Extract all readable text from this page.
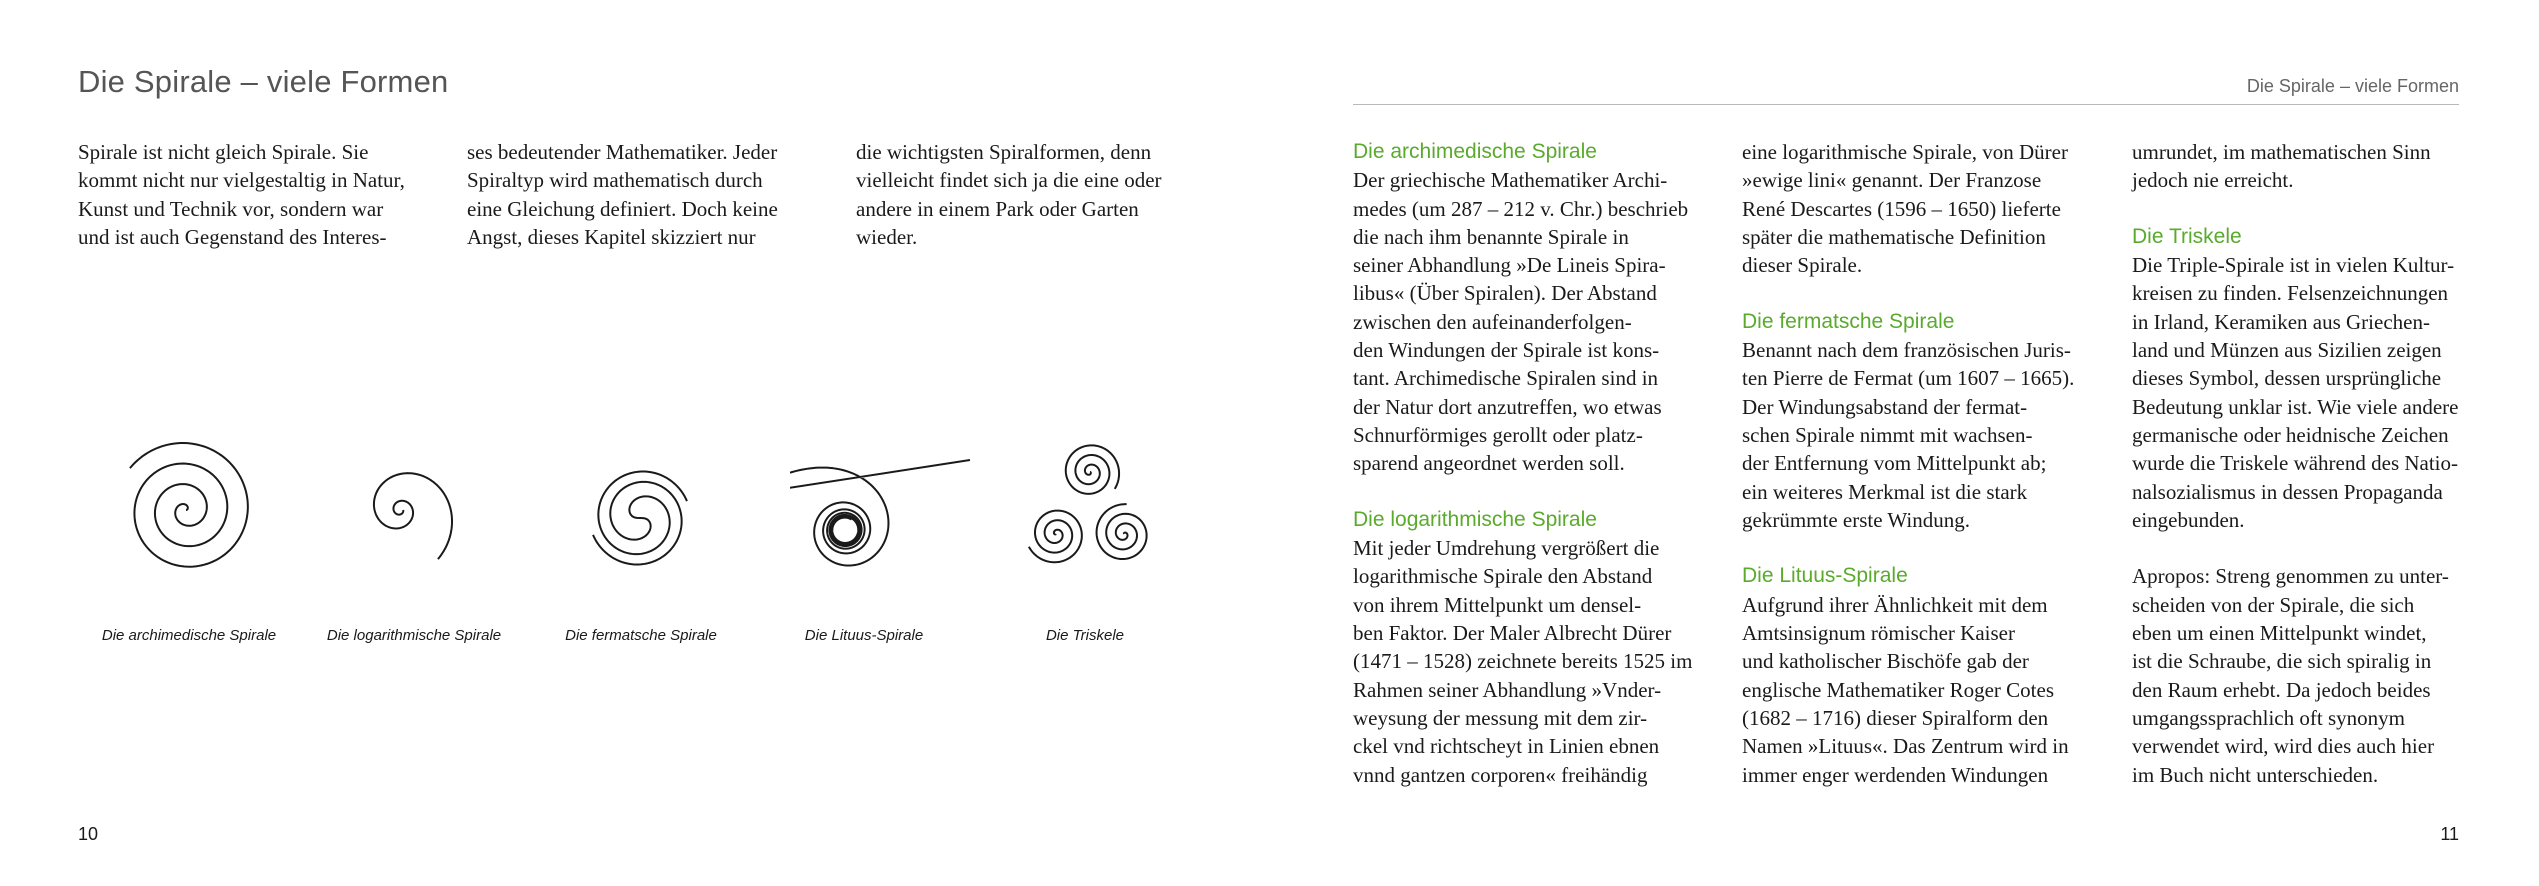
Die Spirale – viele Formen
Spirale ist nicht gleich Spirale. Sie
kommt nicht nur vielgestaltig in Natur,
Kunst und Technik vor, sondern war
und ist auch Gegenstand des Interes-
ses bedeutender Mathematiker. Jeder
Spiraltyp wird mathematisch durch
eine Gleichung definiert. Doch keine
Angst, dieses Kapitel skizziert nur
die wichtigsten Spiralformen, denn
vielleicht findet sich ja die eine oder
andere in einem Park oder Garten
wieder.
Die archimedische Spirale	Die logarithmische Spirale	Die fermatsche Spirale	Die Lituus-Spirale	Die Triskele
10
Die Spirale – viele Formen
Die archimedische Spirale

Der griechische Mathematiker Archi-
medes (um 287 – 212 v. Chr.) beschrieb
die nach ihm benannte Spirale in
seiner Abhandlung »De Lineis Spira-
libus« (Über Spiralen). Der Abstand
zwischen den aufeinanderfolgen-
den Windungen der Spirale ist kons-
tant. Archimedische Spiralen sind in
der Natur dort anzutreffen, wo etwas
Schnurförmiges gerollt oder platz-
sparend angeordnet werden soll.

Die logarithmische Spirale

Mit jeder Umdrehung vergrößert die
logarithmische Spirale den Abstand
von ihrem Mittelpunkt um densel-
ben Faktor. Der Maler Albrecht Dürer
(1471 – 1528) zeichnete bereits 1525 im
Rahmen seiner Abhandlung »Vnder-
weysung der messung mit dem zir-
ckel vnd richtscheyt in Linien ebnen
vnnd gantzen corporen« freihändig

eine logarithmische Spirale, von Dürer
»ewige lini« genannt. Der Franzose
René Descartes (1596 – 1650) lieferte
später die mathematische Definition
dieser Spirale.

Die fermatsche Spirale

Benannt nach dem französischen Juris-
ten Pierre de Fermat (um 1607 – 1665).
Der Windungsabstand der fermat-
schen Spirale nimmt mit wachsen-
der Entfernung vom Mittelpunkt ab;
ein weiteres Merkmal ist die stark
gekrümmte erste Windung.

Die Lituus-Spirale

Aufgrund ihrer Ähnlichkeit mit dem
Amtsinsignum römischer Kaiser
und katholischer Bischöfe gab der
englische Mathematiker Roger Cotes
(1682 – 1716) dieser Spiralform den
Namen »Lituus«. Das Zentrum wird in
immer enger werdenden Windungen

umrundet, im mathematischen Sinn
jedoch nie erreicht.

Die Triskele

Die Triple-Spirale ist in vielen Kultur-
kreisen zu finden. Felsenzeichnungen
in Irland, Keramiken aus Griechen-
land und Münzen aus Sizilien zeigen
dieses Symbol, dessen ursprüngliche
Bedeutung unklar ist. Wie viele andere
germanische oder heidnische Zeichen
wurde die Triskele während des Natio-
nalsozialismus in dessen Propaganda
eingebunden.

Apropos: Streng genommen zu unter-
scheiden von der Spirale, die sich
eben um einen Mittelpunkt windet,
ist die Schraube, die sich spiralig in
den Raum erhebt. Da jedoch beides
umgangssprachlich oft synonym
verwendet wird, wird dies auch hier
im Buch nicht unterschieden.

11
